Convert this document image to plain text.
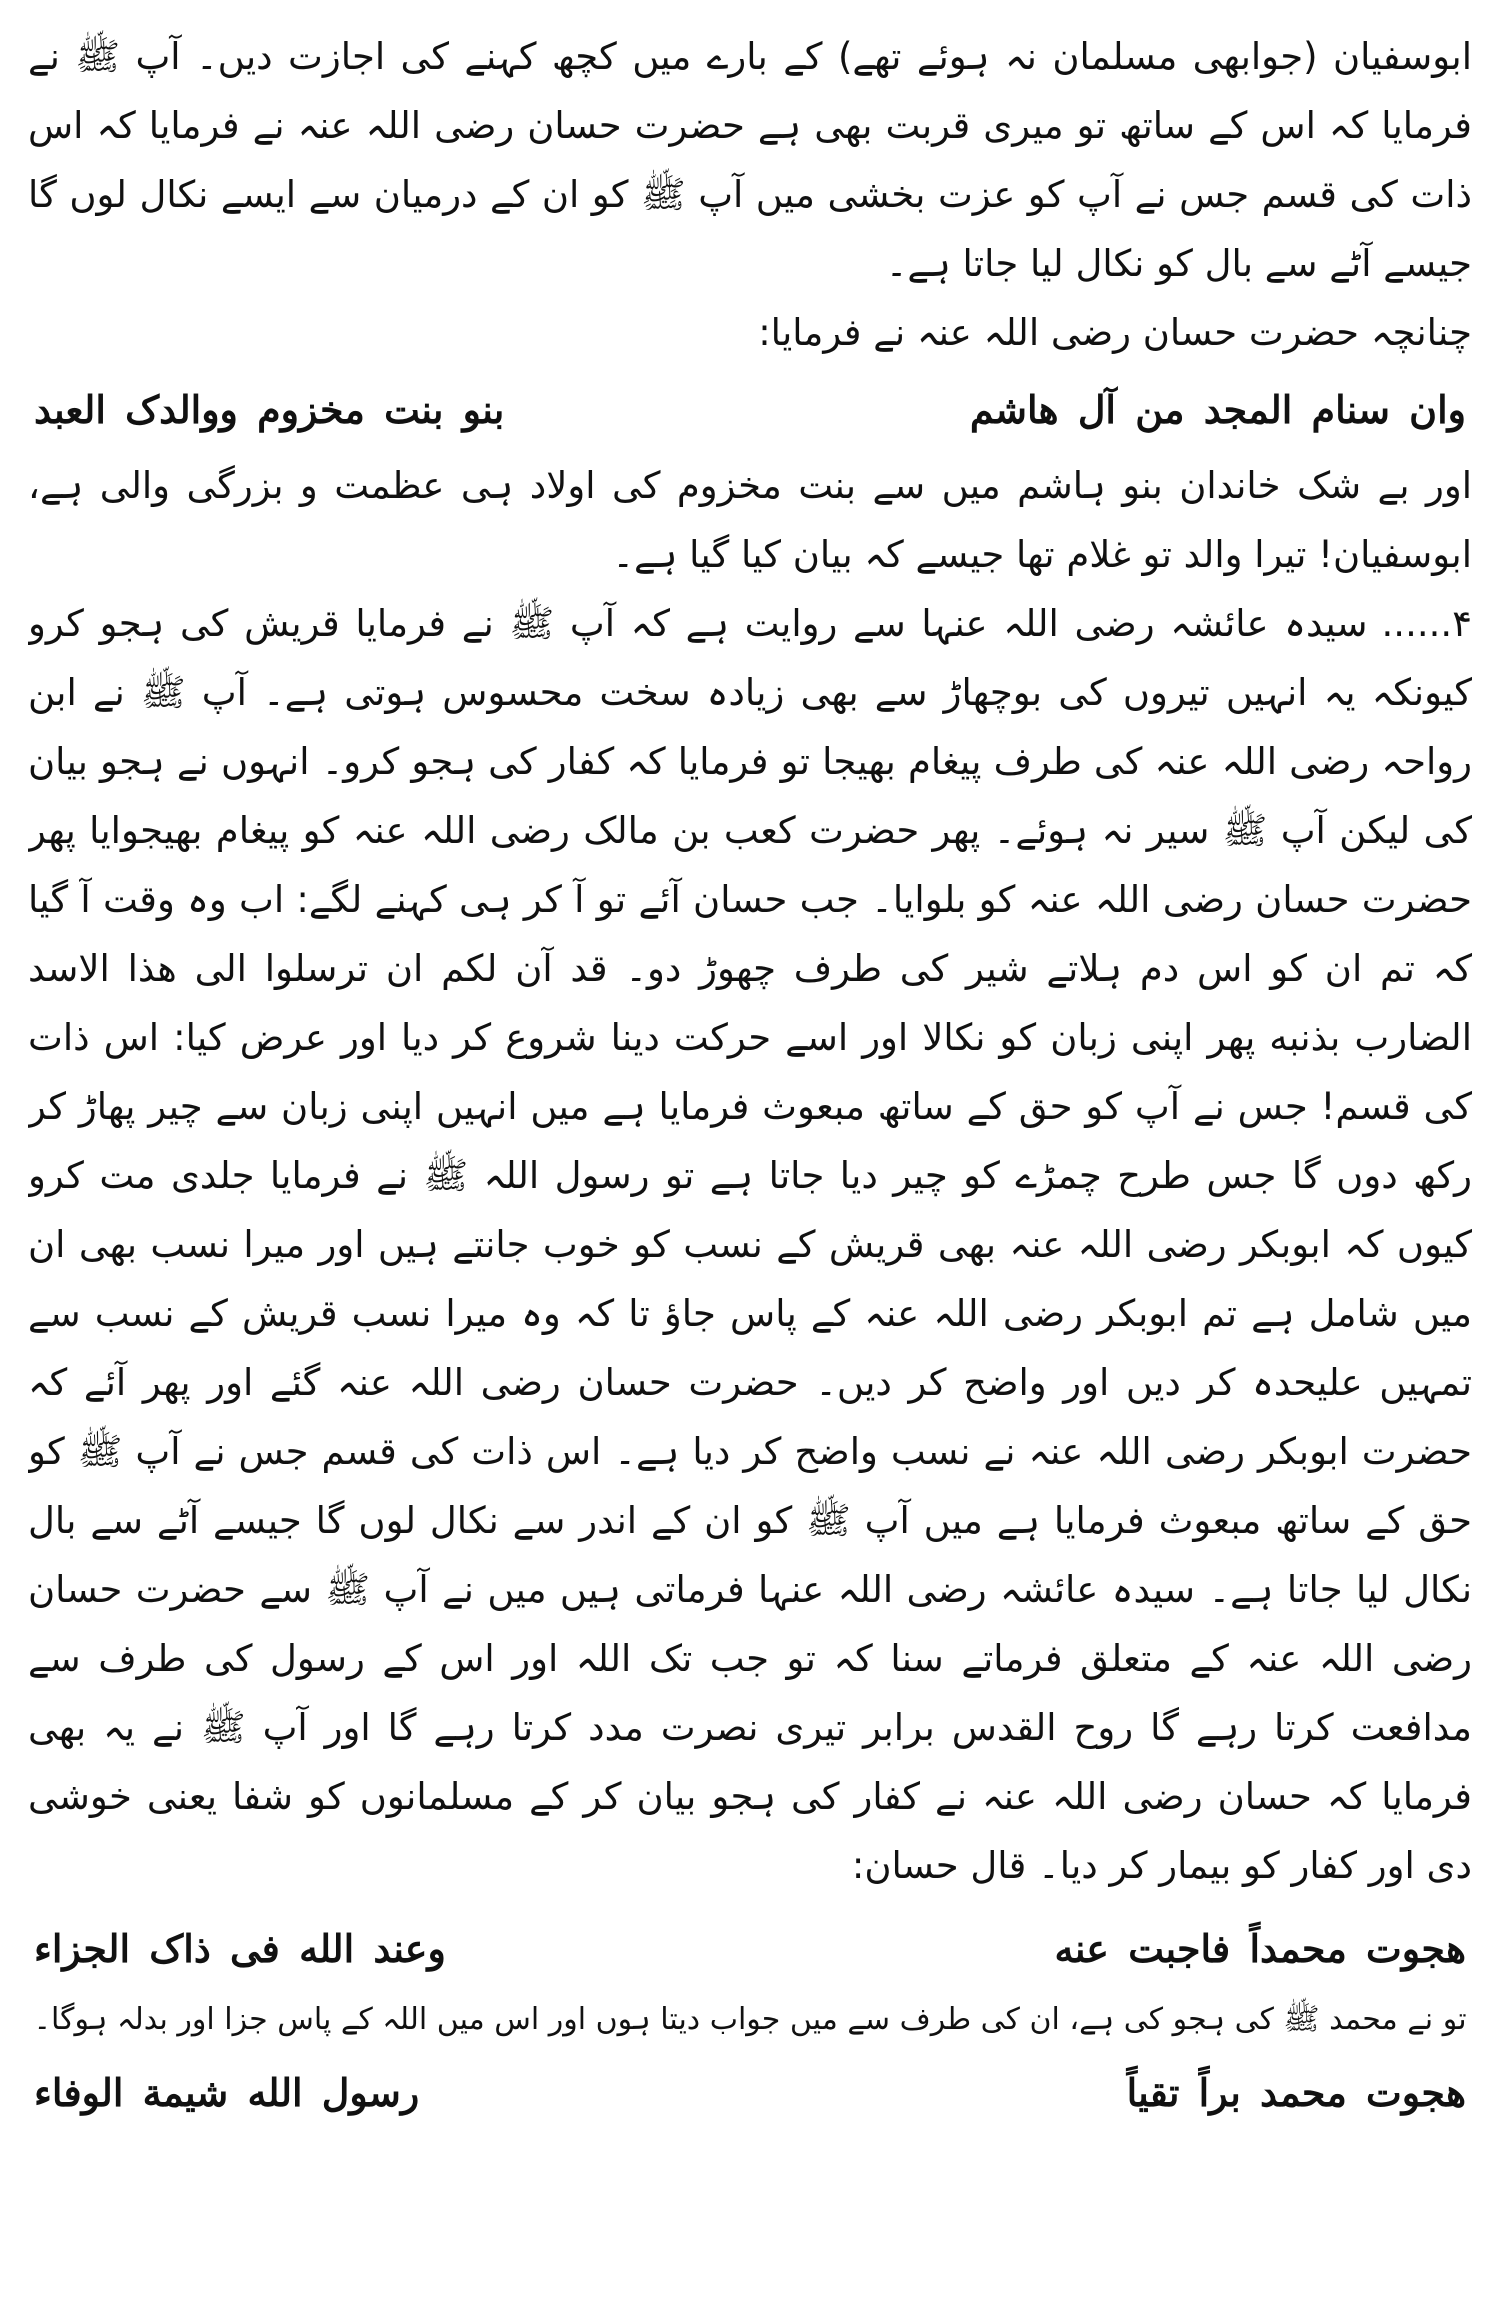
ابوسفیان (جوابھی مسلمان نہ ہوئے تھے) کے بارے میں کچھ کہنے کی اجازت دیں۔ آپ ﷺ نے فرمایا کہ اس کے ساتھ تو میری قربت بھی ہے حضرت حسان رضی اللہ عنہ نے فرمایا کہ اس ذات کی قسم جس نے آپ کو عزت بخشی میں آپ ﷺ کو ان کے درمیان سے ایسے نکال لوں گا جیسے آٹے سے بال کو نکال لیا جاتا ہے۔

چنانچہ حضرت حسان رضی اللہ عنہ نے فرمایا:

وان سنام المجد من آل هاشم
بنو بنت مخزوم ووالدک العبد

اور بے شک خاندان بنو ہاشم میں سے بنت مخزوم کی اولاد ہی عظمت و بزرگی والی ہے، ابوسفیان! تیرا والد تو غلام تھا جیسے کہ بیان کیا گیا ہے۔

۴......سیدہ عائشہ رضی اللہ عنہا سے روایت ہے کہ آپ ﷺ نے فرمایا قریش کی ہجو کرو کیونکہ یہ انہیں تیروں کی بوچھاڑ سے بھی زیادہ سخت محسوس ہوتی ہے۔ آپ ﷺ نے ابن رواحہ رضی اللہ عنہ کی طرف پیغام بھیجا تو فرمایا کہ کفار کی ہجو کرو۔ انہوں نے ہجو بیان کی لیکن آپ ﷺ سیر نہ ہوئے۔ پھر حضرت کعب بن مالک رضی اللہ عنہ کو پیغام بھیجوایا پھر حضرت حسان رضی اللہ عنہ کو بلوایا۔ جب حسان آئے تو آ کر ہی کہنے لگے: اب وہ وقت آ گیا کہ تم ان کو اس دم ہلاتے شیر کی طرف چھوڑ دو۔ قد آن لكم ان ترسلوا الى هذا الاسد الضارب بذنبه پھر اپنی زبان کو نکالا اور اسے حرکت دینا شروع کر دیا اور عرض کیا: اس ذات کی قسم! جس نے آپ کو حق کے ساتھ مبعوث فرمایا ہے میں انہیں اپنی زبان سے چیر پھاڑ کر رکھ دوں گا جس طرح چمڑے کو چیر دیا جاتا ہے تو رسول اللہ ﷺ نے فرمایا جلدی مت کرو کیوں کہ ابوبکر رضی اللہ عنہ بھی قریش کے نسب کو خوب جانتے ہیں اور میرا نسب بھی ان میں شامل ہے تم ابوبکر رضی اللہ عنہ کے پاس جاؤ تا کہ وہ میرا نسب قریش کے نسب سے تمہیں علیحدہ کر دیں اور واضح کر دیں۔ حضرت حسان رضی اللہ عنہ گئے اور پھر آئے کہ حضرت ابوبکر رضی اللہ عنہ نے نسب واضح کر دیا ہے۔ اس ذات کی قسم جس نے آپ ﷺ کو حق کے ساتھ مبعوث فرمایا ہے میں آپ ﷺ کو ان کے اندر سے نکال لوں گا جیسے آٹے سے بال نکال لیا جاتا ہے۔ سیدہ عائشہ رضی اللہ عنہا فرماتی ہیں میں نے آپ ﷺ سے حضرت حسان رضی اللہ عنہ کے متعلق فرماتے سنا کہ تو جب تک اللہ اور اس کے رسول کی طرف سے مدافعت کرتا رہے گا روح القدس برابر تیری نصرت مدد کرتا رہے گا اور آپ ﷺ نے یہ بھی فرمایا کہ حسان رضی اللہ عنہ نے کفار کی ہجو بیان کر کے مسلمانوں کو شفا یعنی خوشی دی اور کفار کو بیمار کر دیا۔ قال حسان:

هجوت محمداً فاجبت عنه
وعند الله فی ذاک الجزاء

تو نے محمد ﷺ کی ہجو کی ہے، ان کی طرف سے میں جواب دیتا ہوں اور اس میں اللہ کے پاس جزا اور بدلہ ہوگا۔

هجوت محمد براً تقياً
رسول الله شيمة الوفاء
